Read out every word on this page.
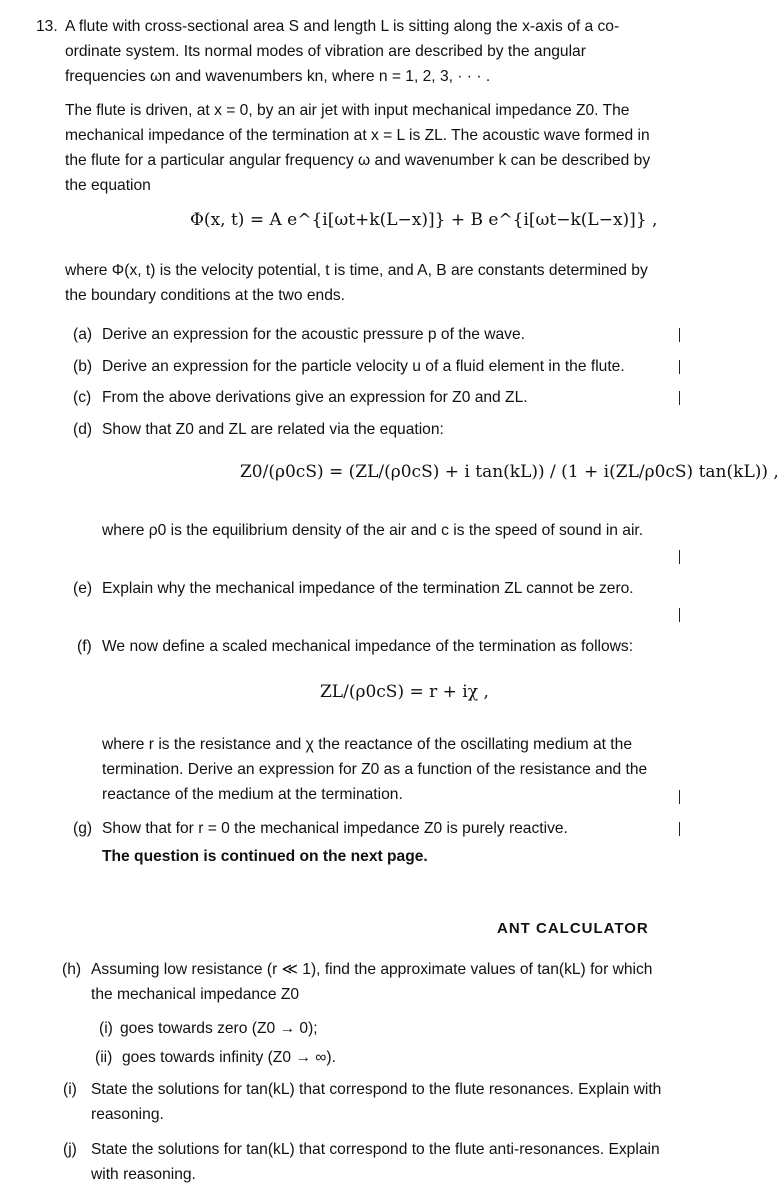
13. A flute with cross-sectional area S and length L is sitting along the x-axis of a co-ordinate system. Its normal modes of vibration are described by the angular frequencies ωn and wavenumbers kn, where n = 1, 2, 3, · · · .
The flute is driven, at x = 0, by an air jet with input mechanical impedance Z0. The mechanical impedance of the termination at x = L is ZL. The acoustic wave formed in the flute for a particular angular frequency ω and wavenumber k can be described by the equation
Φ(x, t) = A e^{i[ωt+k(L−x)]} + B e^{i[ωt−k(L−x)]} ,
where Φ(x, t) is the velocity potential, t is time, and A, B are constants determined by the boundary conditions at the two ends.
(a) Derive an expression for the acoustic pressure p of the wave.
(b) Derive an expression for the particle velocity u of a fluid element in the flute.
(c) From the above derivations give an expression for Z0 and ZL.
(d) Show that Z0 and ZL are related via the equation:
Z0/(ρ0cS) = (ZL/(ρ0cS) + i tan(kL)) / (1 + i(ZL/ρ0cS) tan(kL)) ,
where ρ0 is the equilibrium density of the air and c is the speed of sound in air.
(e) Explain why the mechanical impedance of the termination ZL cannot be zero.
(f) We now define a scaled mechanical impedance of the termination as follows:
ZL/(ρ0cS) = r + iχ ,
where r is the resistance and χ the reactance of the oscillating medium at the termination. Derive an expression for Z0 as a function of the resistance and the reactance of the medium at the termination.
(g) Show that for r = 0 the mechanical impedance Z0 is purely reactive.
The question is continued on the next page.
ANT CALCULATOR
(h) Assuming low resistance (r ≪ 1), find the approximate values of tan(kL) for which the mechanical impedance Z0
(i) goes towards zero (Z0 → 0);
(ii) goes towards infinity (Z0 → ∞).
(i) State the solutions for tan(kL) that correspond to the flute resonances. Explain with reasoning.
(j) State the solutions for tan(kL) that correspond to the flute anti-resonances. Explain with reasoning.
